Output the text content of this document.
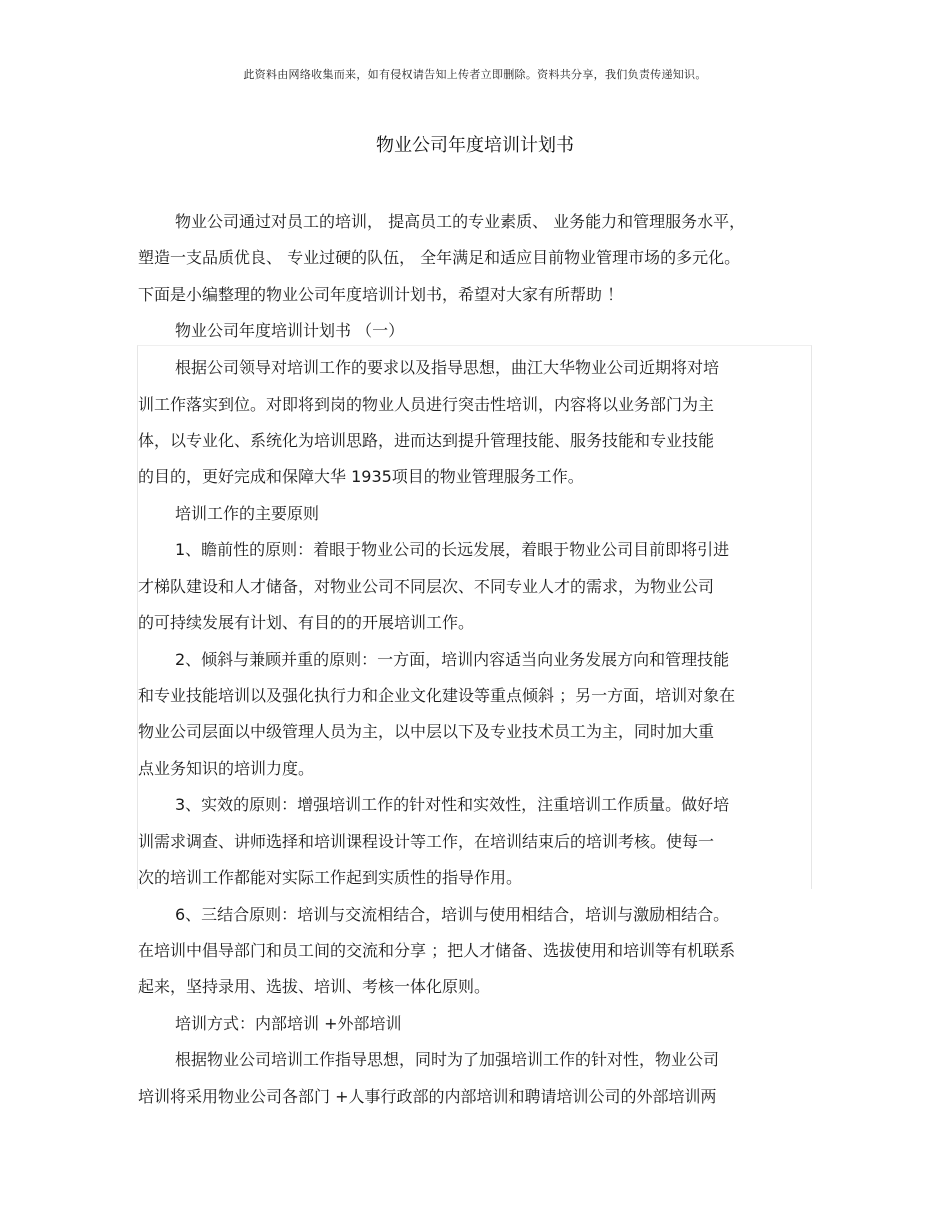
此资料由网络收集而来，如有侵权请告知上传者立即删除。资料共分享，我们负责传递知识。
物业公司年度培训计划书
物业公司通过对员工的培训， 提高员工的专业素质、 业务能力和管理服务水平，
塑造一支品质优良、 专业过硬的队伍， 全年满足和适应目前物业管理市场的多元化。
下面是小编整理的物业公司年度培训计划书，希望对大家有所帮助 ！
物业公司年度培训计划书 （一）
根据公司领导对培训工作的要求以及指导思想，曲江大华物业公司近期将对培
训工作落实到位。对即将到岗的物业人员进行突击性培训，内容将以业务部门为主
体，以专业化、系统化为培训思路，进而达到提升管理技能、服务技能和专业技能
的目的，更好完成和保障大华 1935项目的物业管理服务工作。
培训工作的主要原则
1、瞻前性的原则：着眼于物业公司的长远发展，着眼于物业公司目前即将引进
才梯队建设和人才储备，对物业公司不同层次、不同专业人才的需求，为物业公司
的可持续发展有计划、有目的的开展培训工作。
2、倾斜与兼顾并重的原则：一方面，培训内容适当向业务发展方向和管理技能
和专业技能培训以及强化执行力和企业文化建设等重点倾斜 ；另一方面，培训对象在
物业公司层面以中级管理人员为主，以中层以下及专业技术员工为主，同时加大重
点业务知识的培训力度。
3、实效的原则：增强培训工作的针对性和实效性，注重培训工作质量。做好培
训需求调查、讲师选择和培训课程设计等工作，在培训结束后的培训考核。使每一
次的培训工作都能对实际工作起到实质性的指导作用。
6、三结合原则：培训与交流相结合，培训与使用相结合，培训与激励相结合。
在培训中倡导部门和员工间的交流和分享 ；把人才储备、选拔使用和培训等有机联系
起来，坚持录用、选拔、培训、考核一体化原则。
培训方式：内部培训 +外部培训
根据物业公司培训工作指导思想，同时为了加强培训工作的针对性，物业公司
培训将采用物业公司各部门 +人事行政部的内部培训和聘请培训公司的外部培训两
